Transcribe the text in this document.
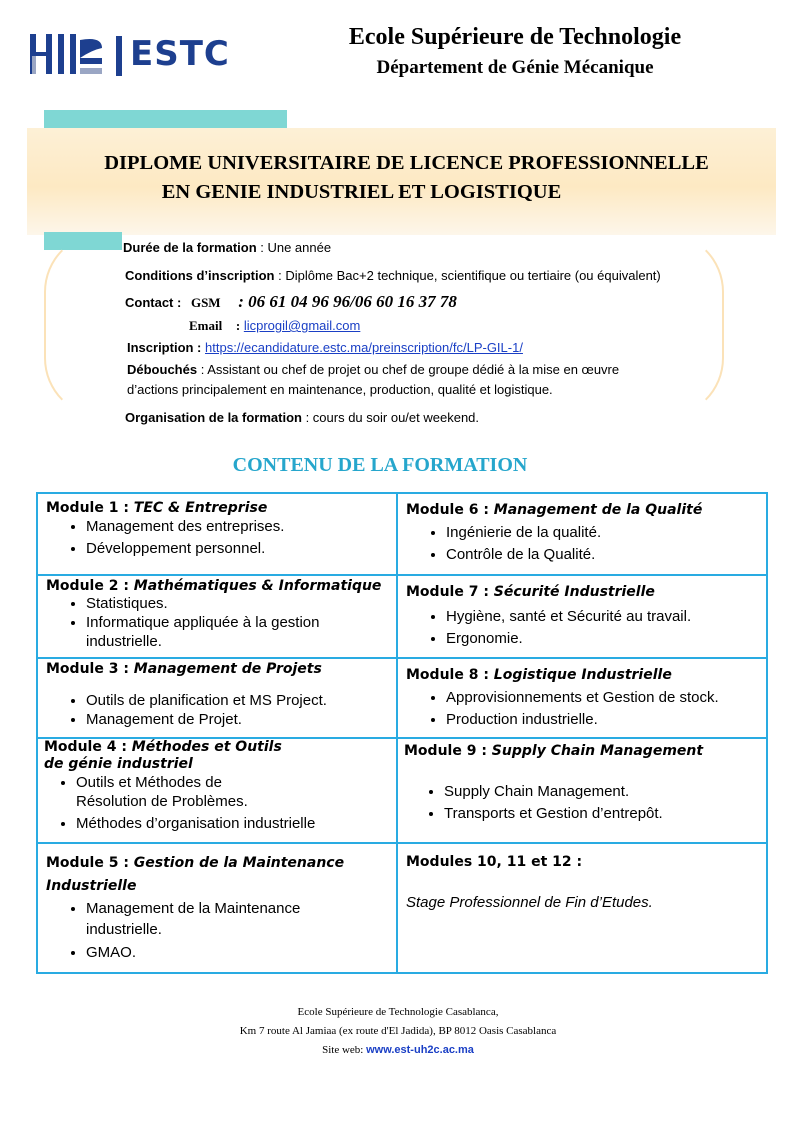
ESTC	Ecole Supérieure de Technologie
Département de Génie Mécanique
DIPLOME UNIVERSITAIRE DE LICENCE PROFESSIONNELLE
EN GENIE INDUSTRIEL ET LOGISTIQUE
Durée de la formation : Une année
Conditions d’inscription : Diplôme Bac+2 technique, scientifique ou tertiaire (ou équivalent)
Contact : GSM : 06 61 04 96 96/06 60 16 37 78
Email : licprogil@gmail.com
Inscription : https://ecandidature.estc.ma/preinscription/fc/LP-GIL-1/
Débouchés : Assistant ou chef de projet ou chef de groupe dédié à la mise en œuvre
d’actions principalement en maintenance, production, qualité et logistique.
Organisation de la formation : cours du soir ou/et weekend.
CONTENU DE LA FORMATION
Module 1 : TEC & Entreprise
• Management des entreprises.
• Développement personnel.
Module 2 : Mathématiques & Informatique
• Statistiques.
• Informatique appliquée à la gestion
industrielle.
Module 3 : Management de Projets
• Outils de planification et MS Project.
• Management de Projet.
Module 4 : Méthodes et Outils
de génie industriel
• Outils et Méthodes de
Résolution de Problèmes.
• Méthodes d’organisation industrielle
Module 5 : Gestion de la Maintenance
Industrielle
• Management de la Maintenance
industrielle.
• GMAO.
Module 6 : Management de la Qualité
• Ingénierie de la qualité.
• Contrôle de la Qualité.
Module 7 : Sécurité Industrielle
• Hygiène, santé et Sécurité au travail.
• Ergonomie.
Module 8 : Logistique Industrielle
• Approvisionnements et Gestion de stock.
• Production industrielle.
Module 9 : Supply Chain Management
• Supply Chain Management.
• Transports et Gestion d’entrepôt.
Modules 10, 11 et 12 :
Stage Professionnel de Fin d’Etudes.
Ecole Supérieure de Technologie Casablanca,
Km 7 route Al Jamiaa (ex route d'El Jadida), BP 8012 Oasis Casablanca
Site web: www.est-uh2c.ac.ma
